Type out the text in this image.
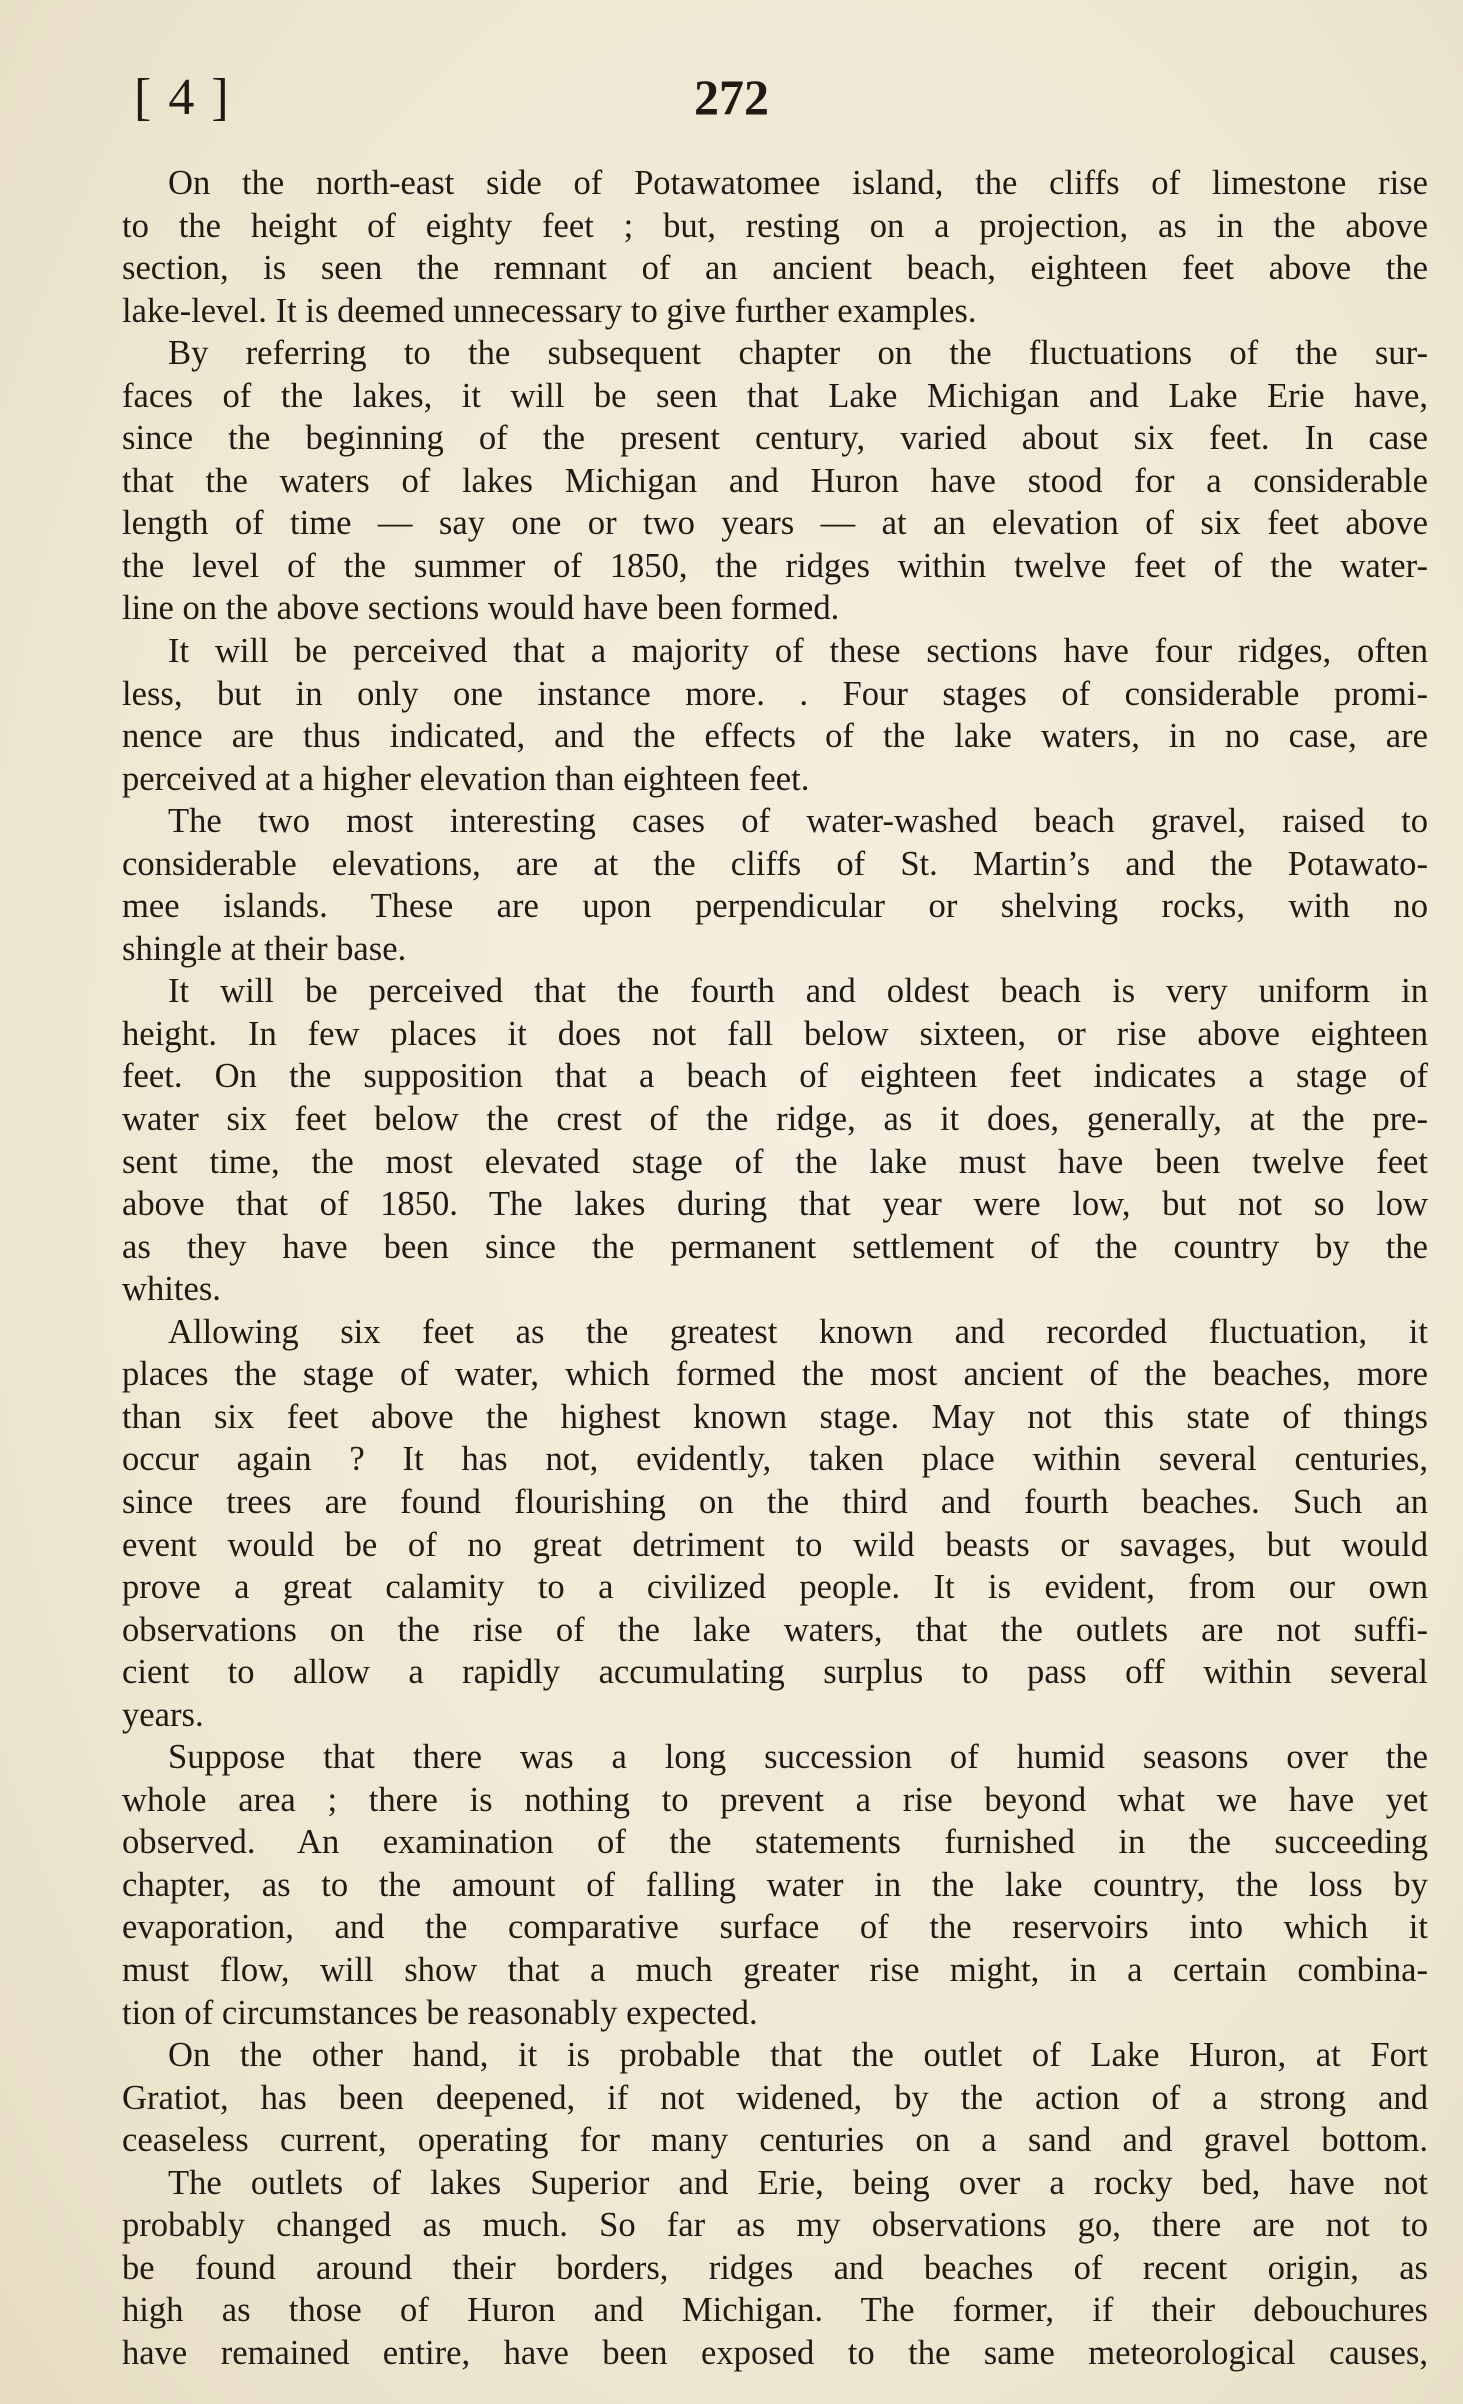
[ 4 ]	272

On the north-east side of Potawatomee island, the cliffs of limestone rise
to the height of eighty feet ; but, resting on a projection, as in the above
section, is seen the remnant of an ancient beach, eighteen feet above the
lake-level. It is deemed unnecessary to give further examples.

By referring to the subsequent chapter on the fluctuations of the sur-
faces of the lakes, it will be seen that Lake Michigan and Lake Erie have,
since the beginning of the present century, varied about six feet. In case
that the waters of lakes Michigan and Huron have stood for a considerable
length of time — say one or two years — at an elevation of six feet above
the level of the summer of 1850, the ridges within twelve feet of the water-
line on the above sections would have been formed.

It will be perceived that a majority of these sections have four ridges, often
less, but in only one instance more. . Four stages of considerable promi-
nence are thus indicated, and the effects of the lake waters, in no case, are
perceived at a higher elevation than eighteen feet.

The two most interesting cases of water-washed beach gravel, raised to
considerable elevations, are at the cliffs of St. Martin’s and the Potawato-
mee islands. These are upon perpendicular or shelving rocks, with no
shingle at their base.

It will be perceived that the fourth and oldest beach is very uniform in
height. In few places it does not fall below sixteen, or rise above eighteen
feet. On the supposition that a beach of eighteen feet indicates a stage of
water six feet below the crest of the ridge, as it does, generally, at the pre-
sent time, the most elevated stage of the lake must have been twelve feet
above that of 1850. The lakes during that year were low, but not so low
as they have been since the permanent settlement of the country by the
whites.

Allowing six feet as the greatest known and recorded fluctuation, it
places the stage of water, which formed the most ancient of the beaches, more
than six feet above the highest known stage. May not this state of things
occur again ? It has not, evidently, taken place within several centuries,
since trees are found flourishing on the third and fourth beaches. Such an
event would be of no great detriment to wild beasts or savages, but would
prove a great calamity to a civilized people. It is evident, from our own
observations on the rise of the lake waters, that the outlets are not suffi-
cient to allow a rapidly accumulating surplus to pass off within several
years.

Suppose that there was a long succession of humid seasons over the
whole area ; there is nothing to prevent a rise beyond what we have yet
observed. An examination of the statements furnished in the succeeding
chapter, as to the amount of falling water in the lake country, the loss by
evaporation, and the comparative surface of the reservoirs into which it
must flow, will show that a much greater rise might, in a certain combina-
tion of circumstances be reasonably expected.

On the other hand, it is probable that the outlet of Lake Huron, at Fort
Gratiot, has been deepened, if not widened, by the action of a strong and
ceaseless current, operating for many centuries on a sand and gravel bottom.

The outlets of lakes Superior and Erie, being over a rocky bed, have not
probably changed as much. So far as my observations go, there are not to
be found around their borders, ridges and beaches of recent origin, as
high as those of Huron and Michigan. The former, if their debouchures
have remained entire, have been exposed to the same meteorological causes,
